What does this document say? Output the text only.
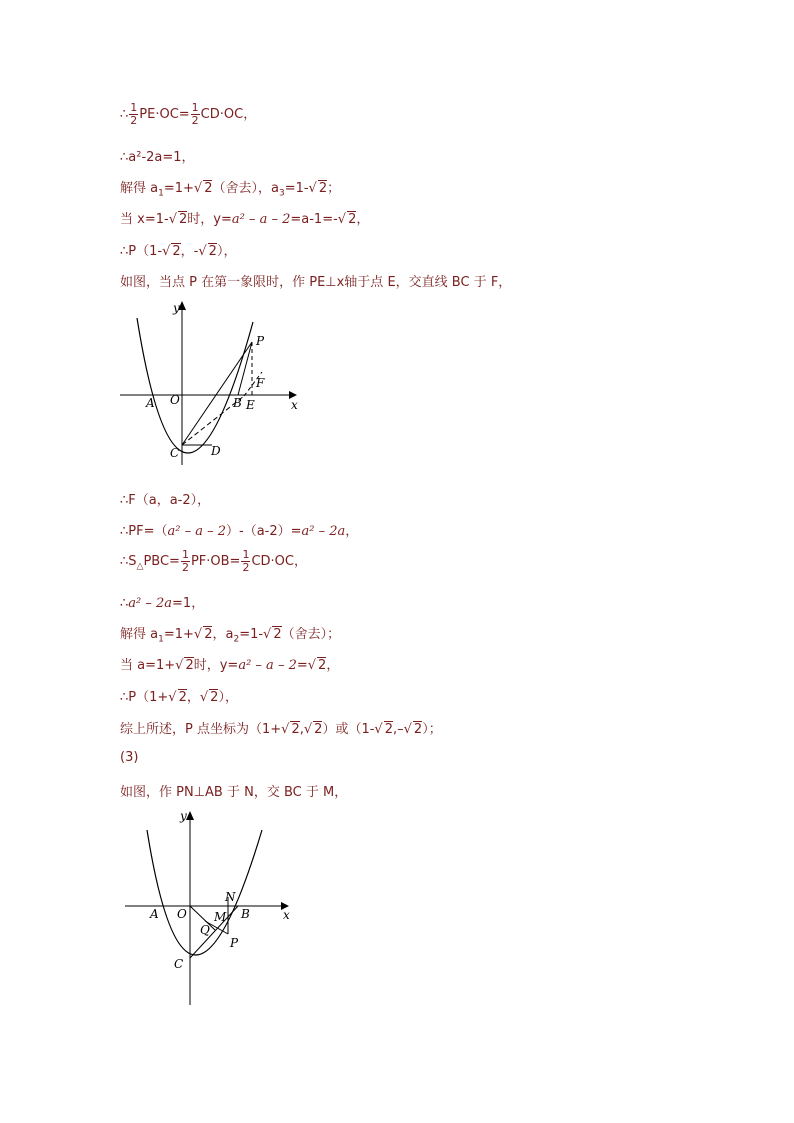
∴ $\frac{1}{2} PE\cdot OC= \frac{1}{2} CD\cdot OC$，
∴a²-2a=1，
解得 $a_1=1+√$ 2（舍去），$a_3=1-√$ 2；
当 x=1-√ 2时，y=a² – a – 2=a-1=-√ 2，
∴P（1-√ 2，-√ 2），
如图，当点 P 在第一象限时，作 PE⊥x轴于点 E，交直线 BC 于 F，
y
x
A O	B E
F
P
C	D
∴F（a，a-2），
∴PF=（a² – a – 2）-（a-2）=a² – 2a，
$\therefore S_\triangle PBC= \frac{1}{2} PF\cdot OB= \frac{1}{2} CD\cdot OC$，
∴a² – 2a=1，
解得 $a_1=1+√$ 2，$a_2=1-√$ 2（舍去）；
当 a=1+√ 2时，y=a² – a – 2=√ 2，
∴P（1+√ 2，√ 2），
综上所述，P 点坐标为（1+√ 2,√ 2）或（1-√ 2,–√ 2）；
(3)
如图，作 PN⊥AB 于 N，交 BC 于 M，
y
x
A O
N
M B
Q
P
C
